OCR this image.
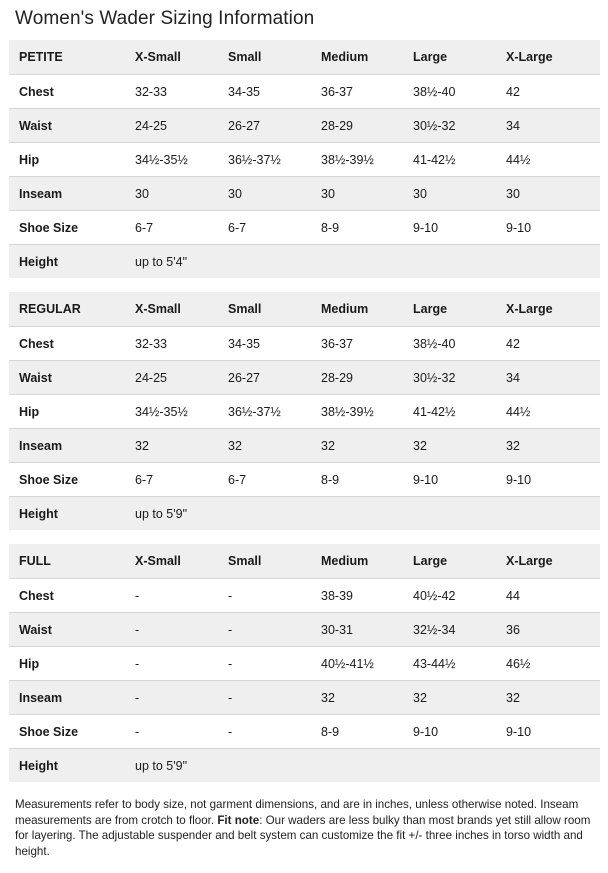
Women's Wader Sizing Information
PETITE	X-Small	Small	Medium	Large	X-Large
Chest	32-33	34-35	36-37	38½-40	42
Waist	24-25	26-27	28-29	30½-32	34
Hip	34½-35½	36½-37½	38½-39½	41-42½	44½
Inseam	30	30	30	30	30
Shoe Size	6-7	6-7	8-9	9-10	9-10
Height	up to 5'4"
REGULAR	X-Small	Small	Medium	Large	X-Large
Chest	32-33	34-35	36-37	38½-40	42
Waist	24-25	26-27	28-29	30½-32	34
Hip	34½-35½	36½-37½	38½-39½	41-42½	44½
Inseam	32	32	32	32	32
Shoe Size	6-7	6-7	8-9	9-10	9-10
Height	up to 5'9"
FULL	X-Small	Small	Medium	Large	X-Large
Chest	-	-	38-39	40½-42	44
Waist	-	-	30-31	32½-34	36
Hip	-	-	40½-41½	43-44½	46½
Inseam	-	-	32	32	32
Shoe Size	-	-	8-9	9-10	9-10
Height	up to 5'9"
Measurements refer to body size, not garment dimensions, and are in inches, unless otherwise noted. Inseam measurements are from crotch to floor. Fit note: Our waders are less bulky than most brands yet still allow room for layering. The adjustable suspender and belt system can customize the fit +/- three inches in torso width and height.
